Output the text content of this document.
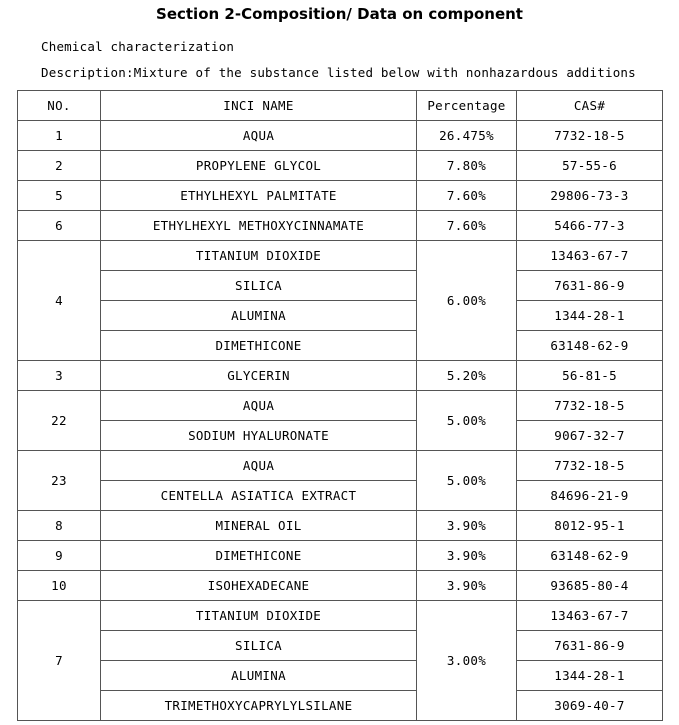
Section 2-Composition/ Data on component
Chemical characterization
Description:Mixture of the substance listed below with nonhazardous additions
NO.	INCI NAME	Percentage	CAS#
1	AQUA	26.475%	7732-18-5
2	PROPYLENE GLYCOL	7.80%	57-55-6
5	ETHYLHEXYL PALMITATE	7.60%	29806-73-3
6	ETHYLHEXYL METHOXYCINNAMATE	7.60%	5466-77-3
4	TITANIUM DIOXIDE	6.00%	13463-67-7
	SILICA		7631-86-9
	ALUMINA		1344-28-1
	DIMETHICONE		63148-62-9
3	GLYCERIN	5.20%	56-81-5
22	AQUA	5.00%	7732-18-5
	SODIUM HYALURONATE		9067-32-7
23	AQUA	5.00%	7732-18-5
	CENTELLA ASIATICA EXTRACT		84696-21-9
8	MINERAL OIL	3.90%	8012-95-1
9	DIMETHICONE	3.90%	63148-62-9
10	ISOHEXADECANE	3.90%	93685-80-4
7	TITANIUM DIOXIDE	3.00%	13463-67-7
	SILICA		7631-86-9
	ALUMINA		1344-28-1
	TRIMETHOXYCAPRYLYLSILANE		3069-40-7
